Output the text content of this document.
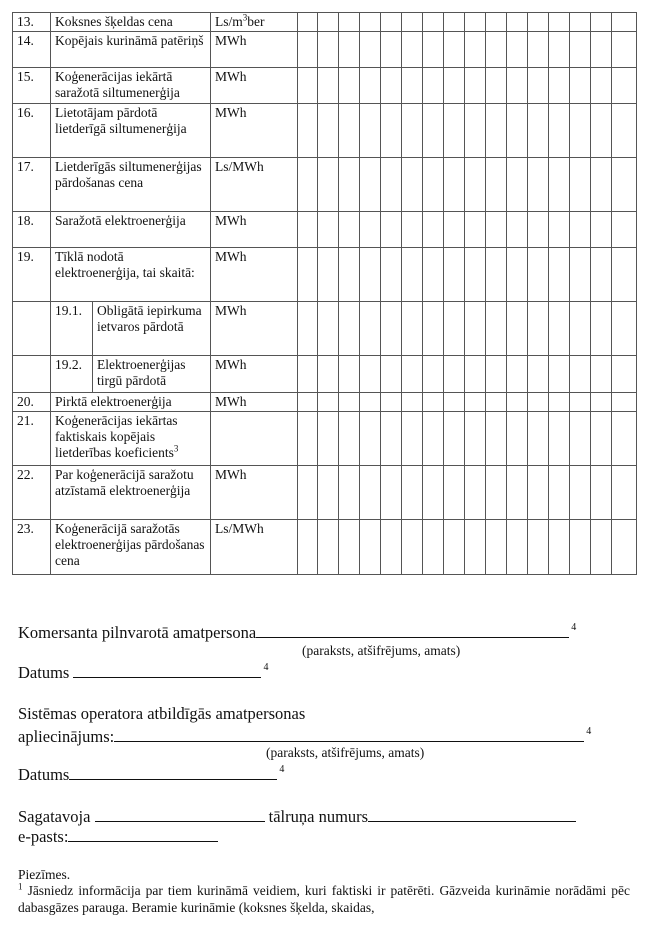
13.	Koksnes šķeldas cena		$Ls/m^3ber$																
14.	Kopējais kurināmā patēriņš		MWh																
15.	Koģenerācijas iekārtā saražotā siltumenerģija		MWh																
16.	Lietotājam pārdotā lietderīgā siltumenerģija		MWh																
17.	Lietderīgās siltumenerģijas pārdošanas cena		Ls/MWh																
18.	Saražotā elektroenerģija		MWh																
19.	Tīklā nodotā elektroenerģija, tai skaitā:		MWh																
	19.1.	Obligātā iepirkuma ietvaros pārdotā	MWh																
	19.2.	Elektroenerģijas tirgū pārdotā	MWh																
20.	Pirktā elektroenerģija		MWh																
21.	Koģenerācijas iekārtas faktiskais kopējais lietderības koeficients$^3$																	
22.	Par koģenerācijā saražotu atzīstamā elektroenerģija		MWh																
23.	Koģenerācijā saražotās elektroenerģijas pārdošanas cena		Ls/MWh																
Komersanta pilnvarotā amatpersona	$^4$
(paraksts, atšifrējums, amats)
Datums	$^4$
Sistēmas operatora atbildīgās amatpersonas
apliecinājums:	$^4$
(paraksts, atšifrējums, amats)
Datums	$^4$
Sagatavoja	tālruņa numurs
e-pasts:
Piezīmes.
$^1$ Jāsniedz informācija par tiem kurināmā veidiem, kuri faktiski ir patērēti. Gāzveida kurināmie norādāmi pēc dabasgāzes parauga. Beramie kurināmie (koksnes šķelda, skaidas,
